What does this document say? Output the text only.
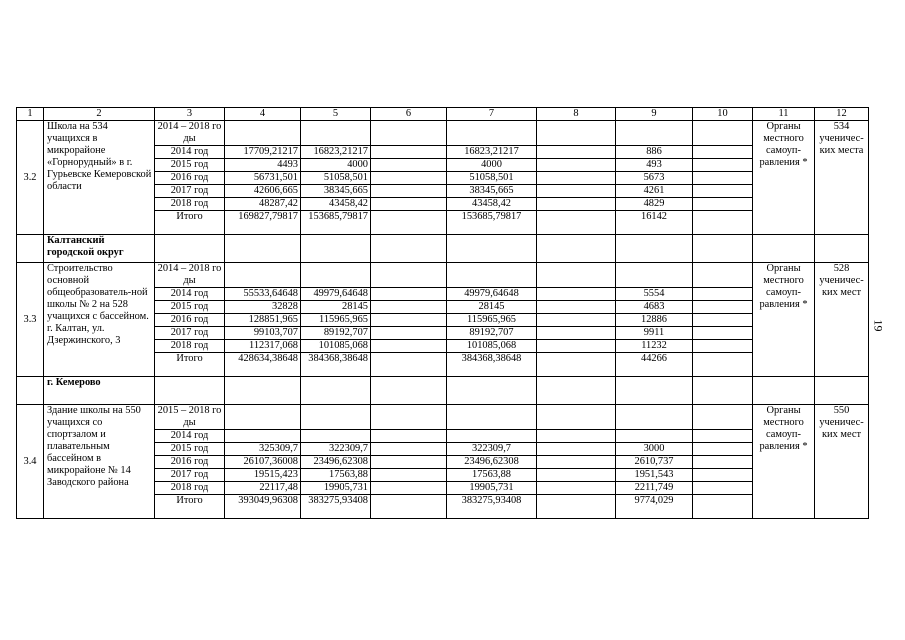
1	2	3	4	5	6	7	8	9	10	11	12
3.2	Школа на 534 учащихся в микрорайоне «Горнорудный» в г. Гурьевске Кемеровской области	2014 – 2018 годы								Органы местного самоуп-равления *	534 ученичес-ких места
		2014 год	17709,21217	16823,21217		16823,21217		886			
		2015 год	4493	4000		4000		493			
		2016 год	56731,501	51058,501		51058,501		5673			
		2017 год	42606,665	38345,665		38345,665		4261			
		2018 год	48287,42	43458,42		43458,42		4829			
		Итого	169827,79817	153685,79817		153685,79817		16142			
	Калтанский городской округ										
3.3	Строительство основной общеобразователь-ной школы № 2 на 528 учащихся с бассейном. г. Калтан, ул. Дзержинского, 3	2014 – 2018 годы								Органы местного самоуп-равления *	528 ученичес-ких мест
		2014 год	55533,64648	49979,64648		49979,64648		5554			
		2015 год	32828	28145		28145		4683			
		2016 год	128851,965	115965,965		115965,965		12886			
		2017 год	99103,707	89192,707		89192,707		9911			
		2018 год	112317,068	101085,068		101085,068		11232			
		Итого	428634,38648	384368,38648		384368,38648		44266			
	г. Кемерово										
3.4	Здание школы на 550 учащихся со спортзалом и плавательным бассейном в микрорайоне № 14 Заводского района	2015 – 2018 годы								Органы местного самоуп-равления *	550 ученичес-ких мест
		2014 год									
		2015 год	325309,7	322309,7		322309,7		3000			
		2016 год	26107,36008	23496,62308		23496,62308		2610,737			
		2017 год	19515,423	17563,88		17563,88		1951,543			
		2018 год	22117,48	19905,731		19905,731		2211,749			
		Итого	393049,96308	383275,93408		383275,93408		9774,029			
19
